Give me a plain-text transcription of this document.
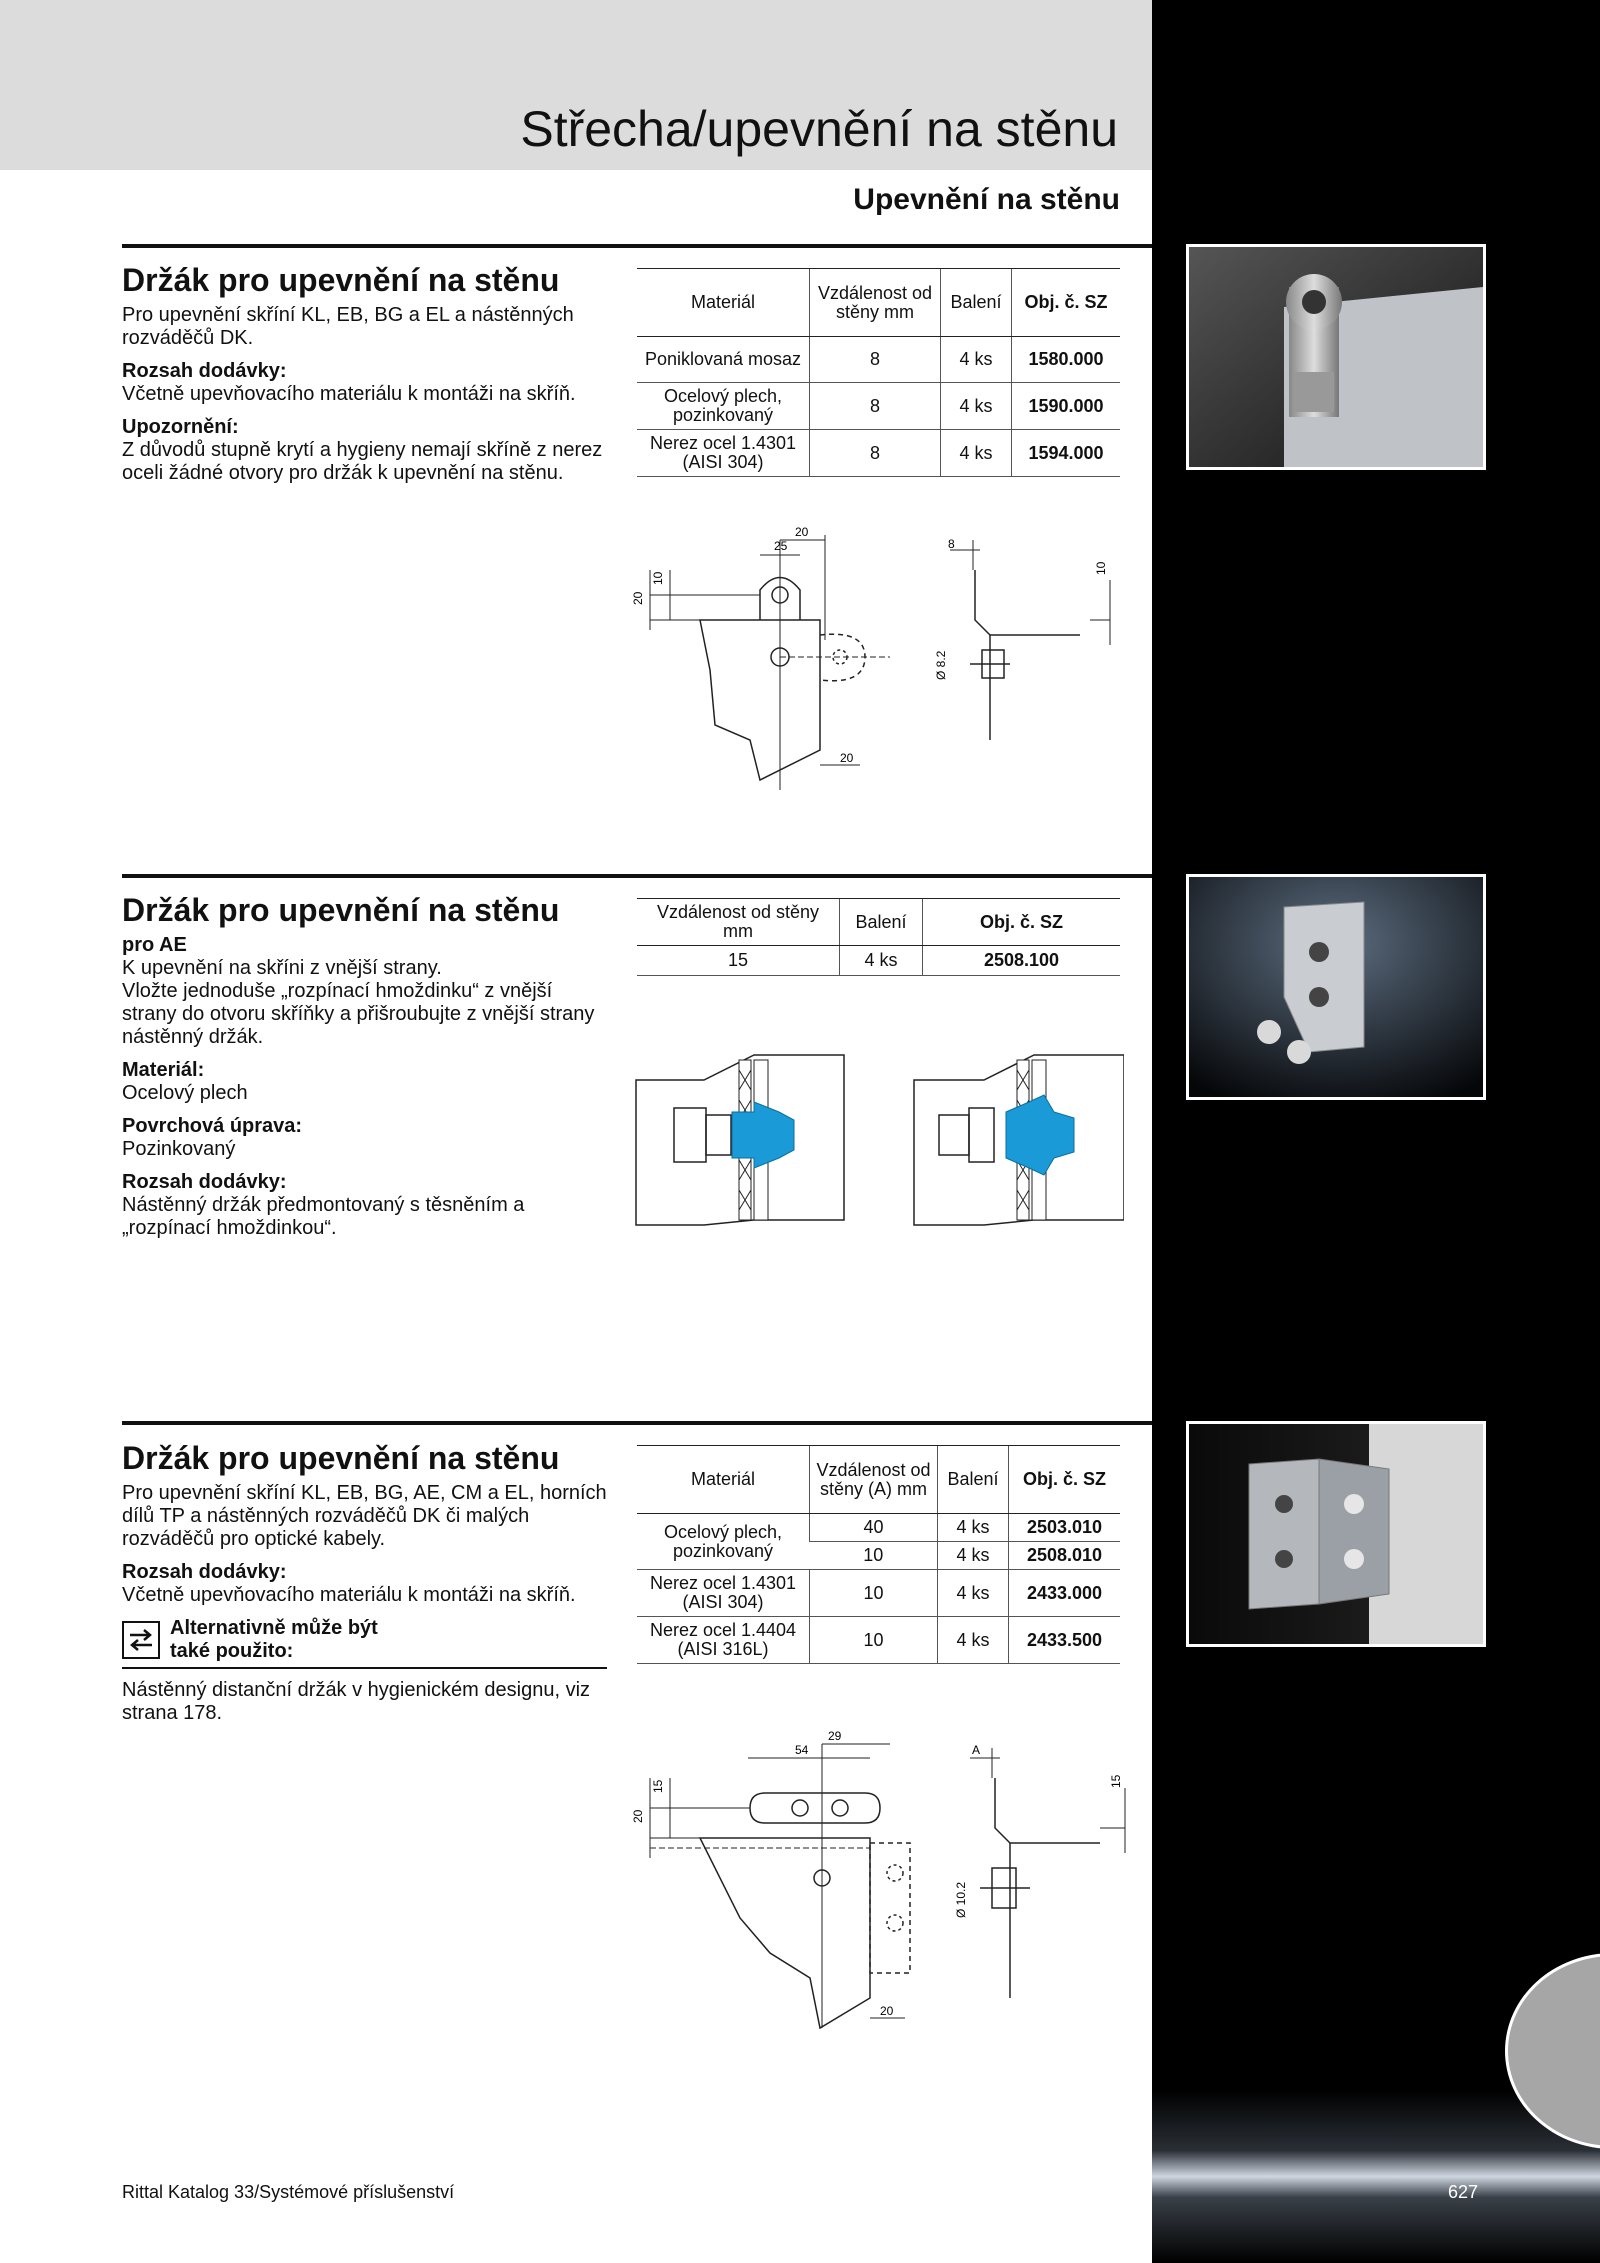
Střecha/upevnění na stěnu
Upevnění na stěnu
Držák pro upevnění na stěnu

Pro upevnění skříní KL, EB, BG a EL a nástěnných rozváděčů DK.

Rozsah dodávky:
Včetně upevňovacího materiálu k montáži na skříň.

Upozornění:
Z důvodů stupně krytí a hygieny nemají skříně z nerez oceli žádné otvory pro držák k upevnění na stěnu.

Materiál	Vzdálenost od stěny mm	Balení	Obj. č. SZ
Poniklovaná mosaz	8	4 ks	1580.000
Ocelový plech, pozinkovaný	8	4 ks	1590.000
Nerez ocel 1.4301 (AISI 304)	8	4 ks	1594.000
20
10
25
20
20
8
10
Ø 8.2
Držák pro upevnění na stěnu
pro AE

K upevnění na skříni z vnější strany.

Vložte jednoduše „rozpínací hmoždinku“ z vnější strany do otvoru skříňky a přišroubujte z vnější strany nástěnný držák.

Materiál:
Ocelový plech

Povrchová úprava:
Pozinkovaný

Rozsah dodávky:
Nástěnný držák předmontovaný s těsněním a „rozpínací hmoždinkou“.

Vzdálenost od stěny mm	Balení	Obj. č. SZ
15	4 ks	2508.100
Držák pro upevnění na stěnu

Pro upevnění skříní KL, EB, BG, AE, CM a EL, horních dílů TP a nástěnných rozváděčů DK či malých rozváděčů pro optické kabely.

Rozsah dodávky:
Včetně upevňovacího materiálu k montáži na skříň.

Alternativně může být také použito:

Nástěnný distanční držák v hygienickém designu, viz strana 178.

Materiál	Vzdálenost od stěny (A) mm	Balení	Obj. č. SZ
Ocelový plech, pozinkovaný	40	4 ks	2503.010
	10	4 ks	2508.010
Nerez ocel 1.4301 (AISI 304)	10	4 ks	2433.000
Nerez ocel 1.4404 (AISI 316L)	10	4 ks	2433.500
20
15
54
29
20
A
15
Ø 10.2
Rittal Katalog 33/Systémové příslušenství	627
